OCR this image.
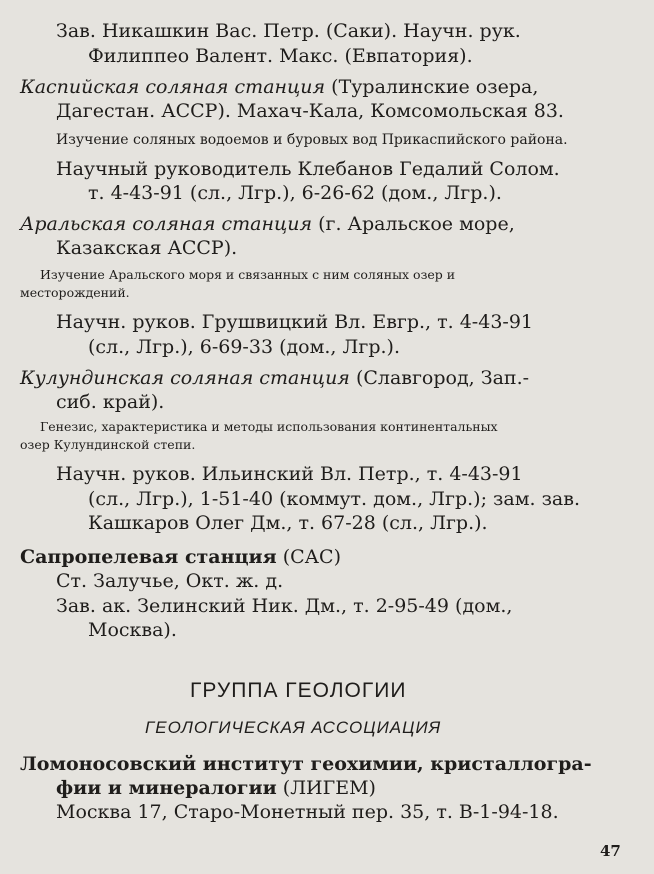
Зав. Никашкин Вас. Петр. (Саки). Научн. рук.
Филиппео Валент. Макс. (Евпатория).
Каспийская соляная станция (Туралинские озера,
Дагестан. АССР). Махач-Кала, Комсомольская 83.
Изучение соляных водоемов и буровых вод Прикаспийского района.
Научный руководитель Клебанов Гедалий Солом.
т. 4-43-91 (сл., Лгр.), 6-26-62 (дом., Лгр.).
Аральская соляная станция (г. Аральское море,
Казакская АССР).
Изучение Аральского моря и связанных с ним соляных озер и
месторождений.
Научн. руков. Грушвицкий Вл. Евгр., т. 4-43-91
(сл., Лгр.), 6-69-33 (дом., Лгр.).
Кулундинская соляная станция (Славгород, Зап.-
сиб. край).
Генезис, характеристика и методы использования континентальных
озер Кулундинской степи.
Научн. руков. Ильинский Вл. Петр., т. 4-43-91
(сл., Лгр.), 1-51-40 (коммут. дом., Лгр.); зам. зав.
Кашкаров Олег Дм., т. 67-28 (сл., Лгр.).
Сапропелевая станция (САС)
Ст. Залучье, Окт. ж. д.
Зав. ак. Зелинский Ник. Дм., т. 2-95-49 (дом.,
Москва).
ГРУППА ГЕОЛОГИИ
ГЕОЛОГИЧЕСКАЯ АССОЦИАЦИЯ
Ломоносовский институт геохимии, кристаллогра-
фии и минералогии (ЛИГЕМ)
Москва 17, Старо-Монетный пер. 35, т. В-1-94-18.
47
